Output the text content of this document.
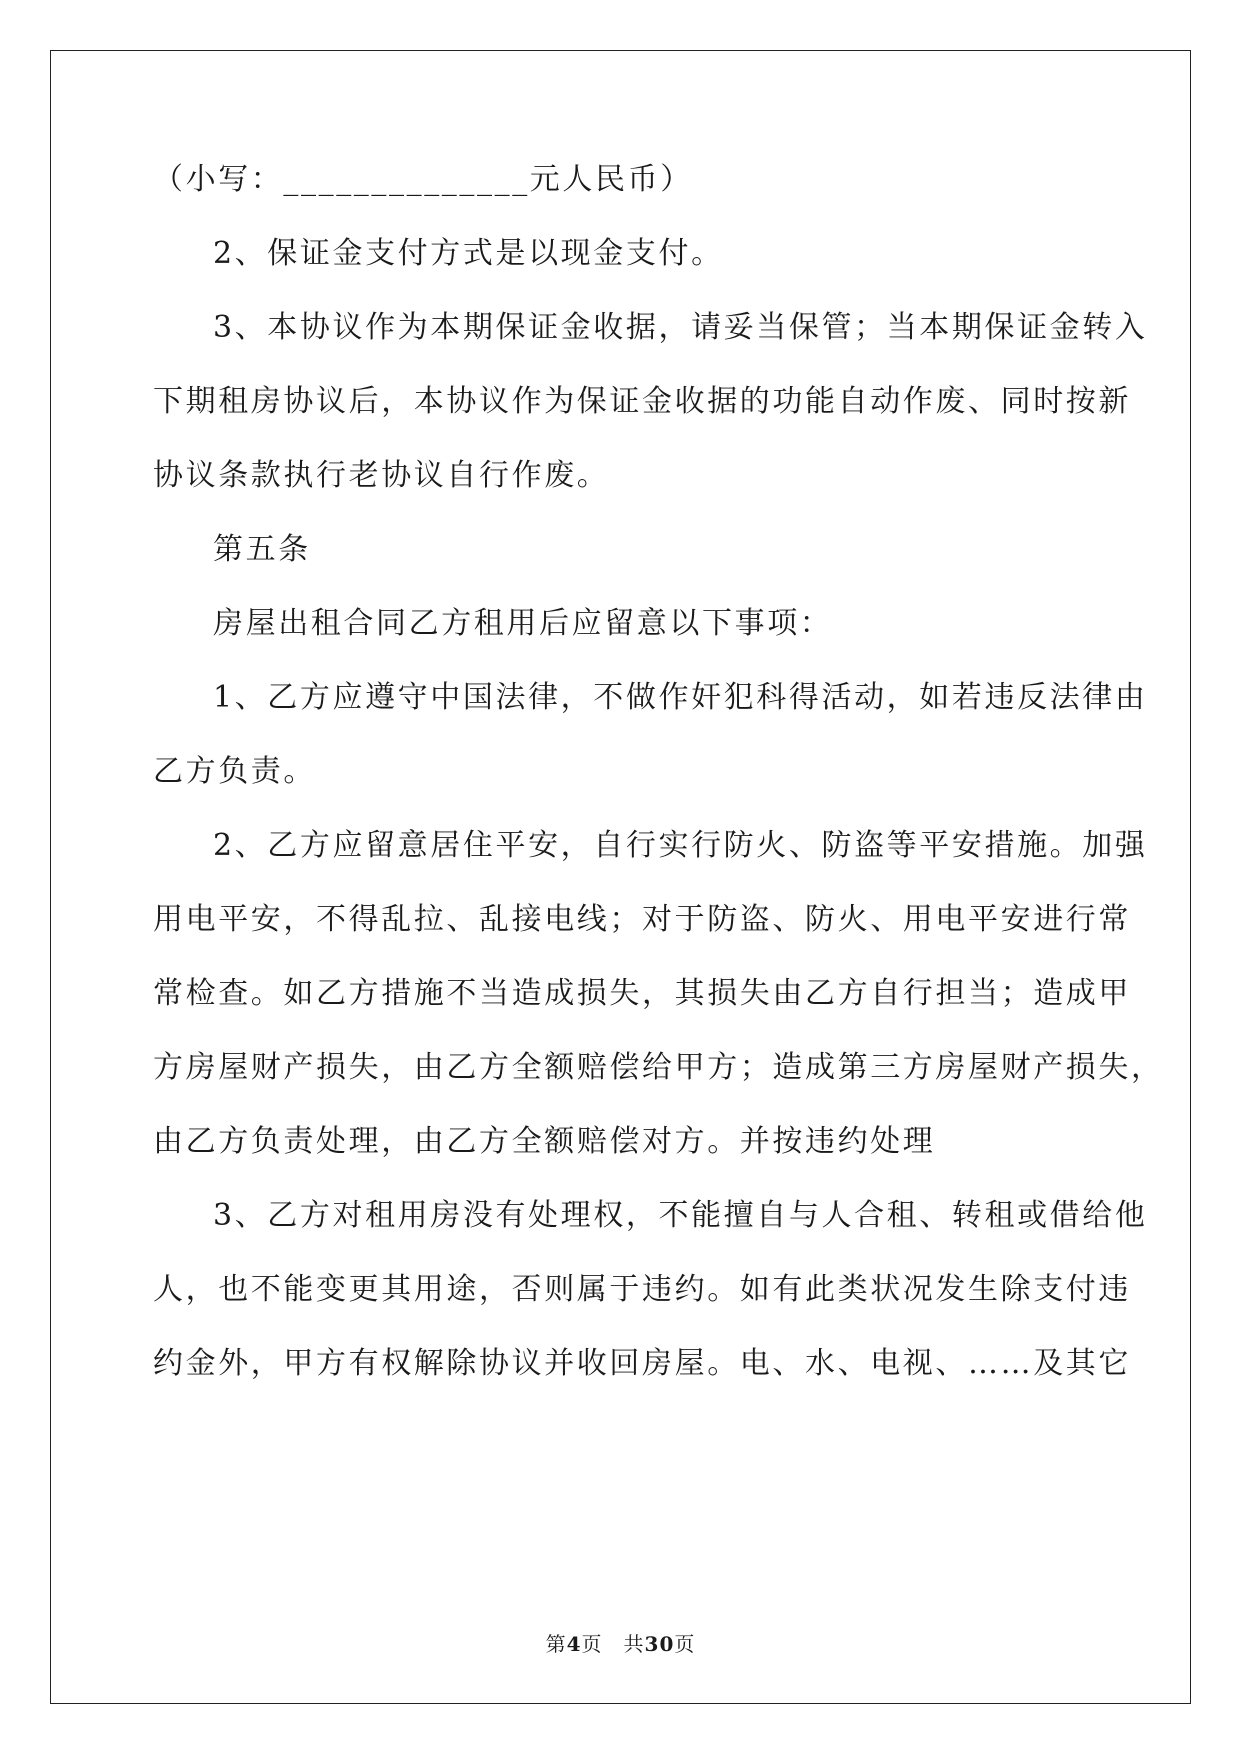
（小写：______________元人民币）
2、保证金支付方式是以现金支付。
3、本协议作为本期保证金收据，请妥当保管；当本期保证金转入
下期租房协议后，本协议作为保证金收据的功能自动作废、同时按新
协议条款执行老协议自行作废。
第五条
房屋出租合同乙方租用后应留意以下事项：
1、乙方应遵守中国法律，不做作奸犯科得活动，如若违反法律由
乙方负责。
2、乙方应留意居住平安，自行实行防火、防盗等平安措施。加强
用电平安，不得乱拉、乱接电线；对于防盗、防火、用电平安进行常
常检查。如乙方措施不当造成损失，其损失由乙方自行担当；造成甲
方房屋财产损失，由乙方全额赔偿给甲方；造成第三方房屋财产损失，
由乙方负责处理，由乙方全额赔偿对方。并按违约处理
3、乙方对租用房没有处理权，不能擅自与人合租、转租或借给他
人，也不能变更其用途，否则属于违约。如有此类状况发生除支付违
约金外，甲方有权解除协议并收回房屋。电、水、电视、……及其它
第4页　共30页
